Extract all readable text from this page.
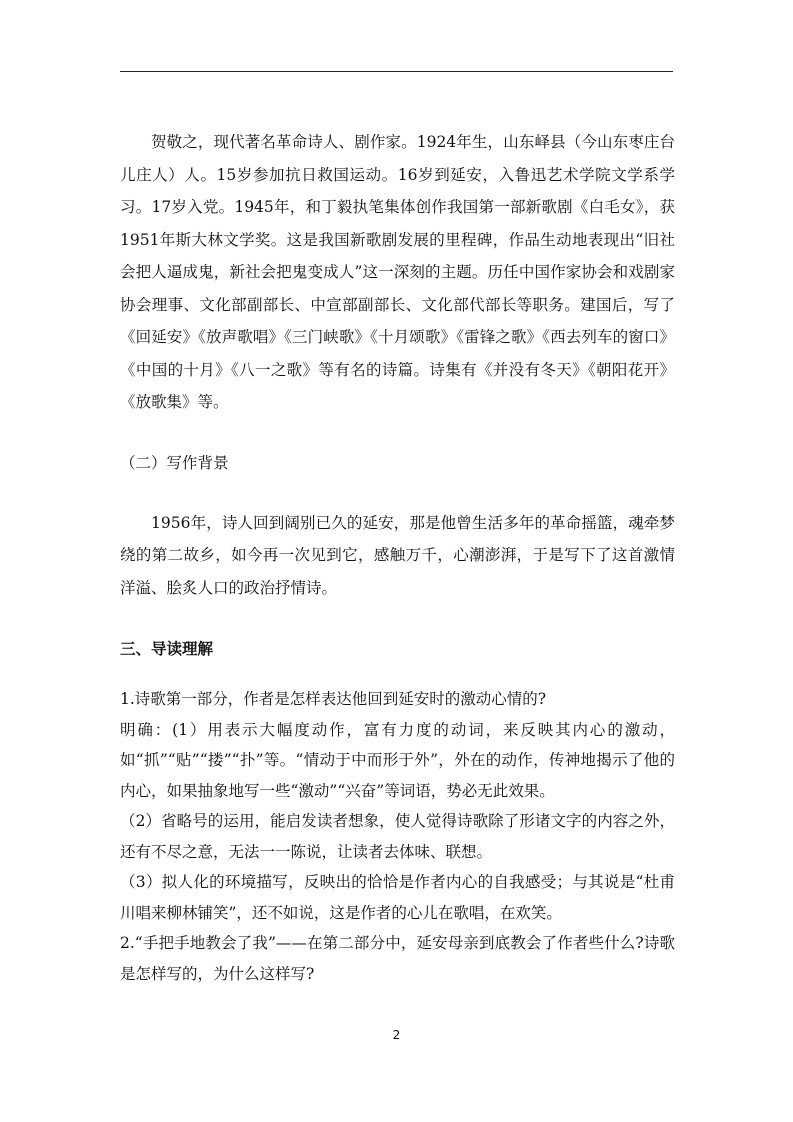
贺敬之，现代著名革命诗人、剧作家。1924年生，山东峄县（今山东枣庄台儿庄人）人。15岁参加抗日救国运动。16岁到延安，入鲁迅艺术学院文学系学习。17岁入党。1945年，和丁毅执笔集体创作我国第一部新歌剧《白毛女》，获1951年斯大林文学奖。这是我国新歌剧发展的里程碑，作品生动地表现出“旧社会把人逼成鬼，新社会把鬼变成人”这一深刻的主题。历任中国作家协会和戏剧家协会理事、文化部副部长、中宣部副部长、文化部代部长等职务。建国后，写了《回延安》《放声歌唱》《三门峡歌》《十月颂歌》《雷锋之歌》《西去列车的窗口》《中国的十月》《八一之歌》等有名的诗篇。诗集有《并没有冬天》《朝阳花开》《放歌集》等。

（二）写作背景

1956年，诗人回到阔别已久的延安，那是他曾生活多年的革命摇篮，魂牵梦绕的第二故乡，如今再一次见到它，感触万千，心潮澎湃，于是写下了这首激情洋溢、脍炙人口的政治抒情诗。

三、导读理解

1.诗歌第一部分，作者是怎样表达他回到延安时的激动心情的?

明确：(1）用表示大幅度动作，富有力度的动词，来反映其内心的激动，如“抓”“贴”“搂”“扑”等。“情动于中而形于外”，外在的动作，传神地揭示了他的内心，如果抽象地写一些“激动”“兴奋”等词语，势必无此效果。

（2）省略号的运用，能启发读者想象，使人觉得诗歌除了形诸文字的内容之外，还有不尽之意，无法一一陈说，让读者去体味、联想。

（3）拟人化的环境描写，反映出的恰恰是作者内心的自我感受；与其说是“杜甫川唱来柳林铺笑”，还不如说，这是作者的心儿在歌唱，在欢笑。

2.“手把手地教会了我”——在第二部分中，延安母亲到底教会了作者些什么?诗歌是怎样写的，为什么这样写?

2
